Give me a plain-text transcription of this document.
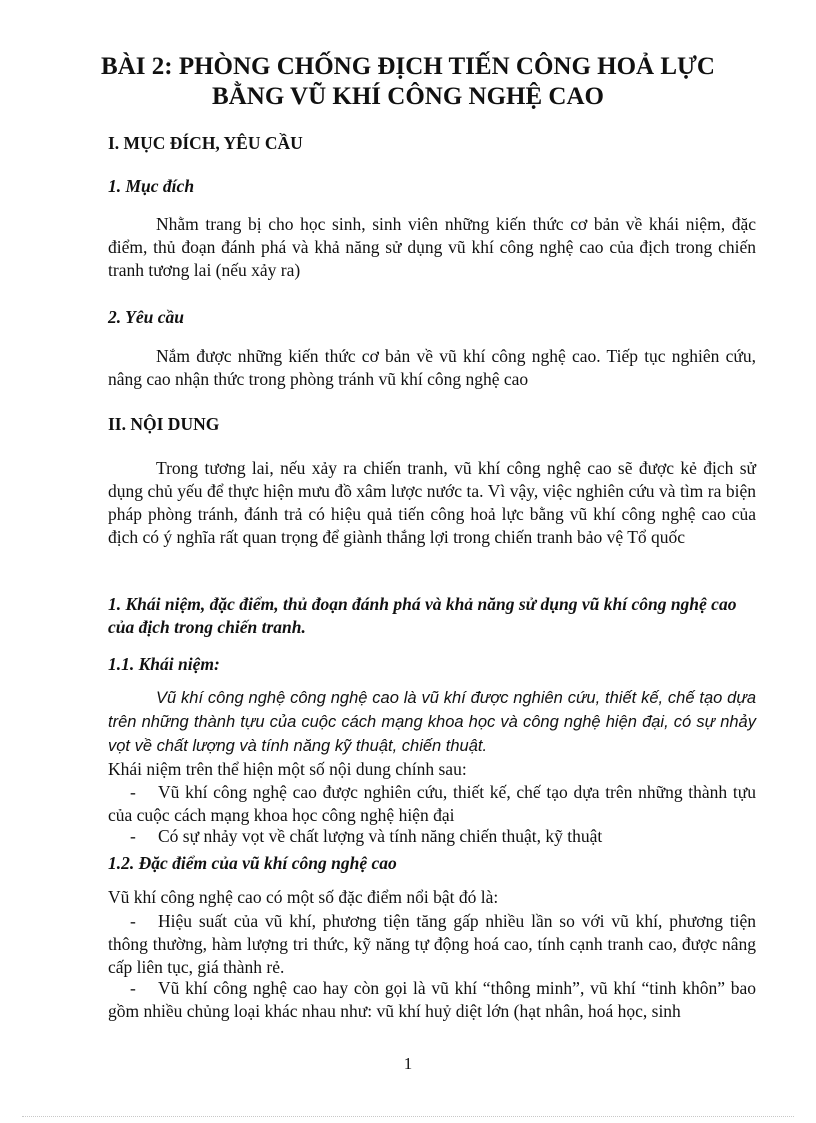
BÀI 2: PHÒNG CHỐNG ĐỊCH TIẾN CÔNG HOẢ LỰC
BẰNG VŨ KHÍ CÔNG NGHỆ CAO
I. MỤC ĐÍCH, YÊU CẦU
1. Mục đích

Nhằm trang bị cho học sinh, sinh viên những kiến thức cơ bản về khái niệm, đặc điểm, thủ đoạn đánh phá và khả năng sử dụng vũ khí công nghệ cao của địch trong chiến tranh tương lai (nếu xảy ra)

2. Yêu cầu

Nắm được những kiến thức cơ bản về vũ khí công nghệ cao. Tiếp tục nghiên cứu, nâng cao nhận thức trong phòng tránh vũ khí công nghệ cao

II. NỘI DUNG

Trong tương lai, nếu xảy ra chiến tranh, vũ khí công nghệ cao sẽ được kẻ địch sử dụng chủ yếu để thực hiện mưu đồ xâm lược nước ta. Vì vậy, việc nghiên cứu và tìm ra biện pháp phòng tránh, đánh trả có hiệu quả tiến công hoả lực bằng vũ khí công nghệ cao của địch có ý nghĩa rất quan trọng để giành thắng lợi trong chiến tranh bảo vệ Tổ quốc

1. Khái niệm, đặc điểm, thủ đoạn đánh phá và khả năng sử dụng vũ khí công nghệ cao của địch trong chiến tranh.
1.1. Khái niệm:

Vũ khí công nghệ công nghệ cao là vũ khí được nghiên cứu, thiết kế, chế tạo dựa trên những thành tựu của cuộc cách mạng khoa học và công nghệ hiện đại, có sự nhảy vọt về chất lượng và tính năng kỹ thuật, chiến thuật.

Khái niệm trên thể hiện một số nội dung chính sau:

- Vũ khí công nghệ cao được nghiên cứu, thiết kế, chế tạo dựa trên những thành tựu của cuộc cách mạng khoa học công nghệ hiện đại

- Có sự nhảy vọt về chất lượng và tính năng chiến thuật, kỹ thuật

1.2. Đặc điểm của vũ khí công nghệ cao

Vũ khí công nghệ cao có một số đặc điểm nổi bật đó là:

- Hiệu suất của vũ khí, phương tiện tăng gấp nhiều lần so với vũ khí, phương tiện thông thường, hàm lượng tri thức, kỹ năng tự động hoá cao, tính cạnh tranh cao, được nâng cấp liên tục, giá thành rẻ.

- Vũ khí công nghệ cao hay còn gọi là vũ khí “thông minh”, vũ khí “tinh khôn” bao gồm nhiều chủng loại khác nhau như: vũ khí huỷ diệt lớn (hạt nhân, hoá học, sinh

1
